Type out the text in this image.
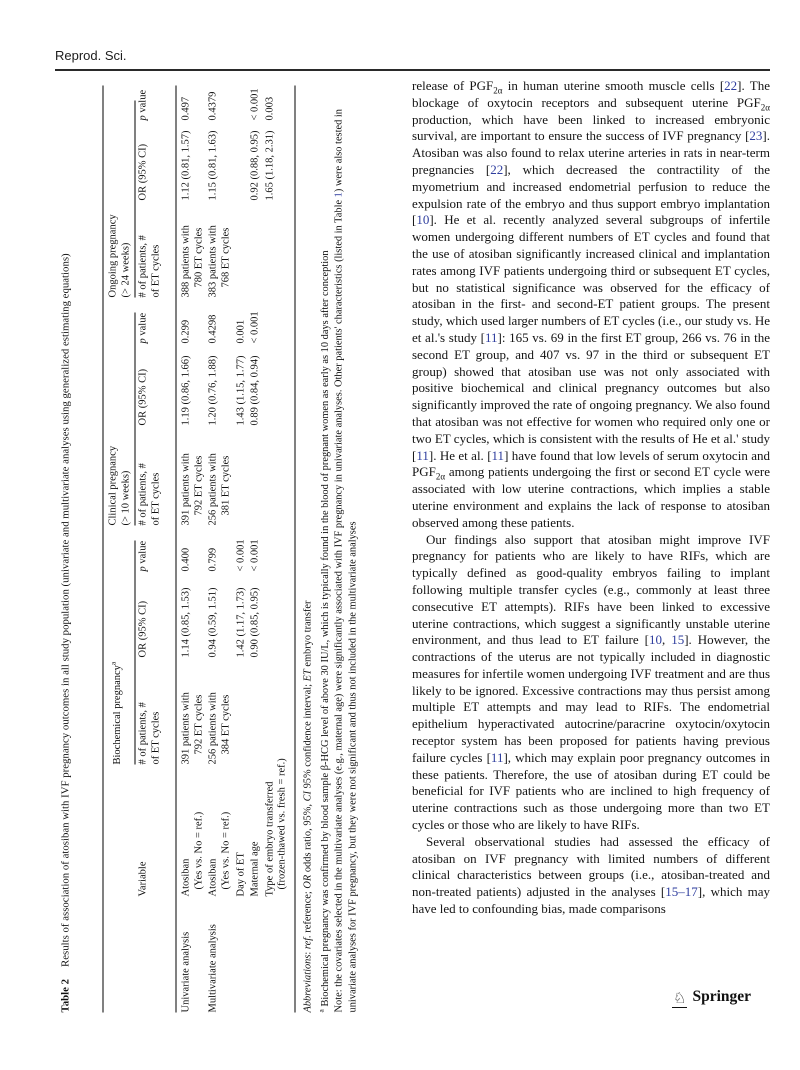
Reprod. Sci.
Table 2Results of association of atosiban with IVF pregnancy outcomes in all study population (univariate and multivariate analyses using generalized estimating equations)

		Biochemical pregnancy$^a$			Clinical pregnancy (> 10 weeks)			Ongoing pregnancy (> 24 weeks)		

	Variable	# of patients, # of ET cycles	OR (95% CI)	p value	# of patients, # of ET cycles	OR (95% CI)	p value	# of patients, # of ET cycles	OR (95% CI)	p value
Univariate analysis	Atosiban (Yes vs. No = ref.)	391 patients with 792 ET cycles	1.14 (0.85, 1.53)	0.400	391 patients with 792 ET cycles	1.19 (0.86, 1.66)	0.299	388 patients with 780 ET cycles	1.12 (0.81, 1.57)	0.497
Multivariate analysis	Atosiban (Yes vs. No = ref.)	256 patients with 384 ET cycles	0.94 (0.59, 1.51)	0.799	256 patients with 381 ET cycles	1.20 (0.76, 1.88)	0.4298	383 patients with 768 ET cycles	1.15 (0.81, 1.63)	0.4379

	Day of ET		1.42 (1.17, 1.73)	< 0.001		1.43 (1.15, 1.77)	0.001			

	Maternal age		0.90 (0.85, 0.95)	< 0.001		0.89 (0.84, 0.94)	< 0.001		0.92 (0.88, 0.95)	< 0.001

	Type of embryo transferred (frozen-thawed vs. fresh = ref.)								1.65 (1.18, 2.31)	0.003
Abbreviations: ref. reference; OR odds ratio, 95%, CI 95% confidence interval; ET embryo transfer
$^a$ Biochemical pregnancy was confirmed by blood sample β-HCG level of above 30 IU/L, which is typically found in the blood of pregnant women as early as 10 days after conception Note: the covariates selected in the multivariate analyses (e.g., maternal age) were significantly associated with IVF pregnancy in univariate analyses. Other patients' characteristics (listed in Table 1) were also tested in univariate analyses for IVF pregnancy, but they were not significant and thus not included in the multivariate analyses

release of $PGF_{2\alpha}$ in human uterine smooth muscle cells [22]. The blockage of oxytocin receptors and subsequent uterine $PGF_{2\alpha}$ production, which have been linked to increased embryonic survival, are important to ensure the success of IVF pregnancy [23]. Atosiban was also found to relax uterine arteries in rats in near-term pregnancies [22], which decreased the contractility of the myometrium and increased endometrial perfusion to reduce the expulsion rate of the embryo and thus support embryo implantation [10]. He et al. recently analyzed several subgroups of infertile women undergoing different numbers of ET cycles and found that the use of atosiban significantly increased clinical and implantation rates among IVF patients undergoing third or subsequent ET cycles, but no statistical significance was observed for the efficacy of atosiban in the first- and second-ET patient groups. The present study, which used larger numbers of ET cycles (i.e., our study vs. He et al.'s study [11]: 165 vs. 69 in the first ET group, 266 vs. 76 in the second ET group, and 407 vs. 97 in the third or subsequent ET group) showed that atosiban use was not only associated with positive biochemical and clinical pregnancy outcomes but also significantly improved the rate of ongoing pregnancy. We also found that atosiban was not effective for women who required only one or two ET cycles, which is consistent with the results of He et al.' study [11]. He et al. [11] have found that low levels of serum oxytocin and $PGF_{2\alpha}$ among patients undergoing the first or second ET cycle were associated with low uterine contractions, which implies a stable uterine environment and explains the lack of response to atosiban observed among these patients.

Our findings also support that atosiban might improve IVF pregnancy for patients who are likely to have RIFs, which are typically defined as good-quality embryos failing to implant following multiple transfer cycles (e.g., commonly at least three consecutive ET attempts). RIFs have been linked to excessive uterine contractions, which suggest a significantly unstable uterine environment, and thus lead to ET failure [10, 15]. However, the contractions of the uterus are not typically included in diagnostic measures for infertile women undergoing IVF treatment and are thus likely to be ignored. Excessive contractions may thus persist among multiple ET attempts and may lead to RIFs. The endometrial epithelium hyperactivated autocrine/paracrine oxytocin/oxytocin receptor system has been proposed for patients having previous failure cycles [11], which may explain poor pregnancy outcomes in these patients. Therefore, the use of atosiban during ET could be beneficial for IVF patients who are inclined to high frequency of uterine contractions such as those undergoing more than two ET cycles or those who are likely to have RIFs.

Several observational studies had assessed the efficacy of atosiban on IVF pregnancy with limited numbers of different clinical characteristics between groups (i.e., atosiban-treated and non-treated patients) adjusted in the analyses [15–17], which may have led to confounding bias, made comparisons

♘ Springer
